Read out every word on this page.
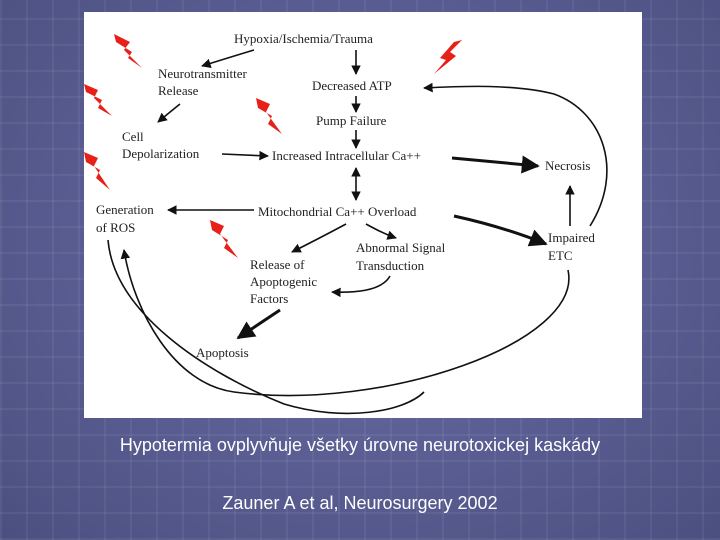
Hypoxia/Ischemia/Trauma
Neurotransmitter Release	Decreased ATP
Pump Failure
Cell Depolarization	Increased Intracellular Ca++
Necrosis
Generation of ROS
Mitochondrial Ca++ Overload
Abnormal Signal Transduction
Impaired ETC
Release of Apoptogenic Factors
Apoptosis
Hypotermia ovplyvňuje všetky úrovne neurotoxickej kaskády
Zauner A et al, Neurosurgery 2002
